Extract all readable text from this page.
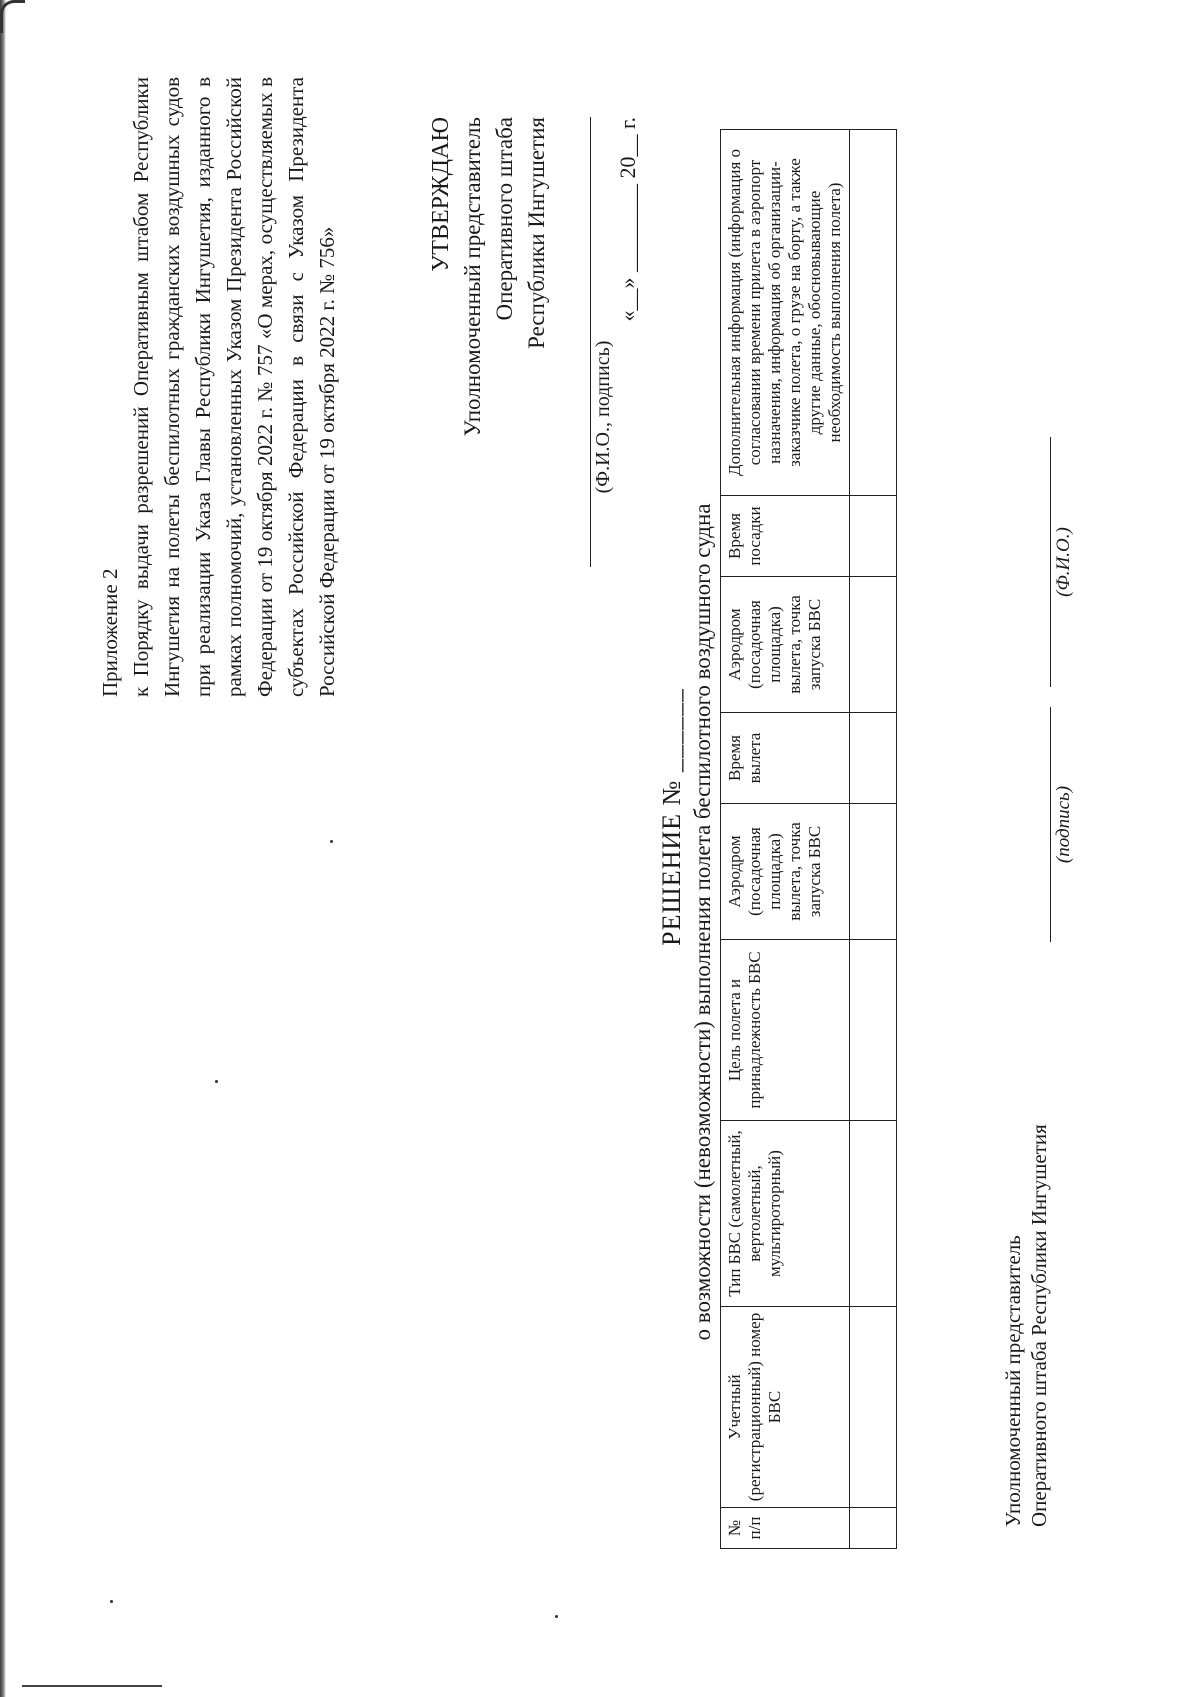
Приложение 2 к Порядку выдачи разрешений Оперативным штабом Республики Ингушетия на полеты беспилотных гражданских воздушных судов при реализации Указа Главы Республики Ингушетия, изданного в рамках полномочий, установленных Указом Президента Российской Федерации от 19 октября 2022 г. № 757 «О мерах, осуществляемых в субъектах Российской Федерации в связи с Указом Президента Российской Федерации от 19 октября 2022 г. № 756»
УТВЕРЖДАЮ Уполномоченный представитель Оперативного штаба Республики Ингушетия
(Ф.И.О., подпись)
«__» ________ 20__ г.
РЕШЕНИЕ № ______ о возможности (невозможности) выполнения полета беспилотного воздушного судна
№ п/п	Учетный (регистрационный) номер БВС	Тип БВС (самолетный, вертолетный, мультироторный)	Цель полета и принадлежность БВС	Аэродром (посадочная площадка) вылета, точка запуска БВС	Время вылета	Аэродром (посадочная площадка) вылета, точка запуска БВС	Время посадки	Дополнительная информация (информация о согласовании времени прилета в аэропорт назначения, информация об организации-заказчике полета, о грузе на борту, а также другие данные, обосновывающие необходимость выполнения полета)

Уполномоченный представитель Оперативного штаба Республики Ингушетия
(подпись)
(Ф.И.О.)
